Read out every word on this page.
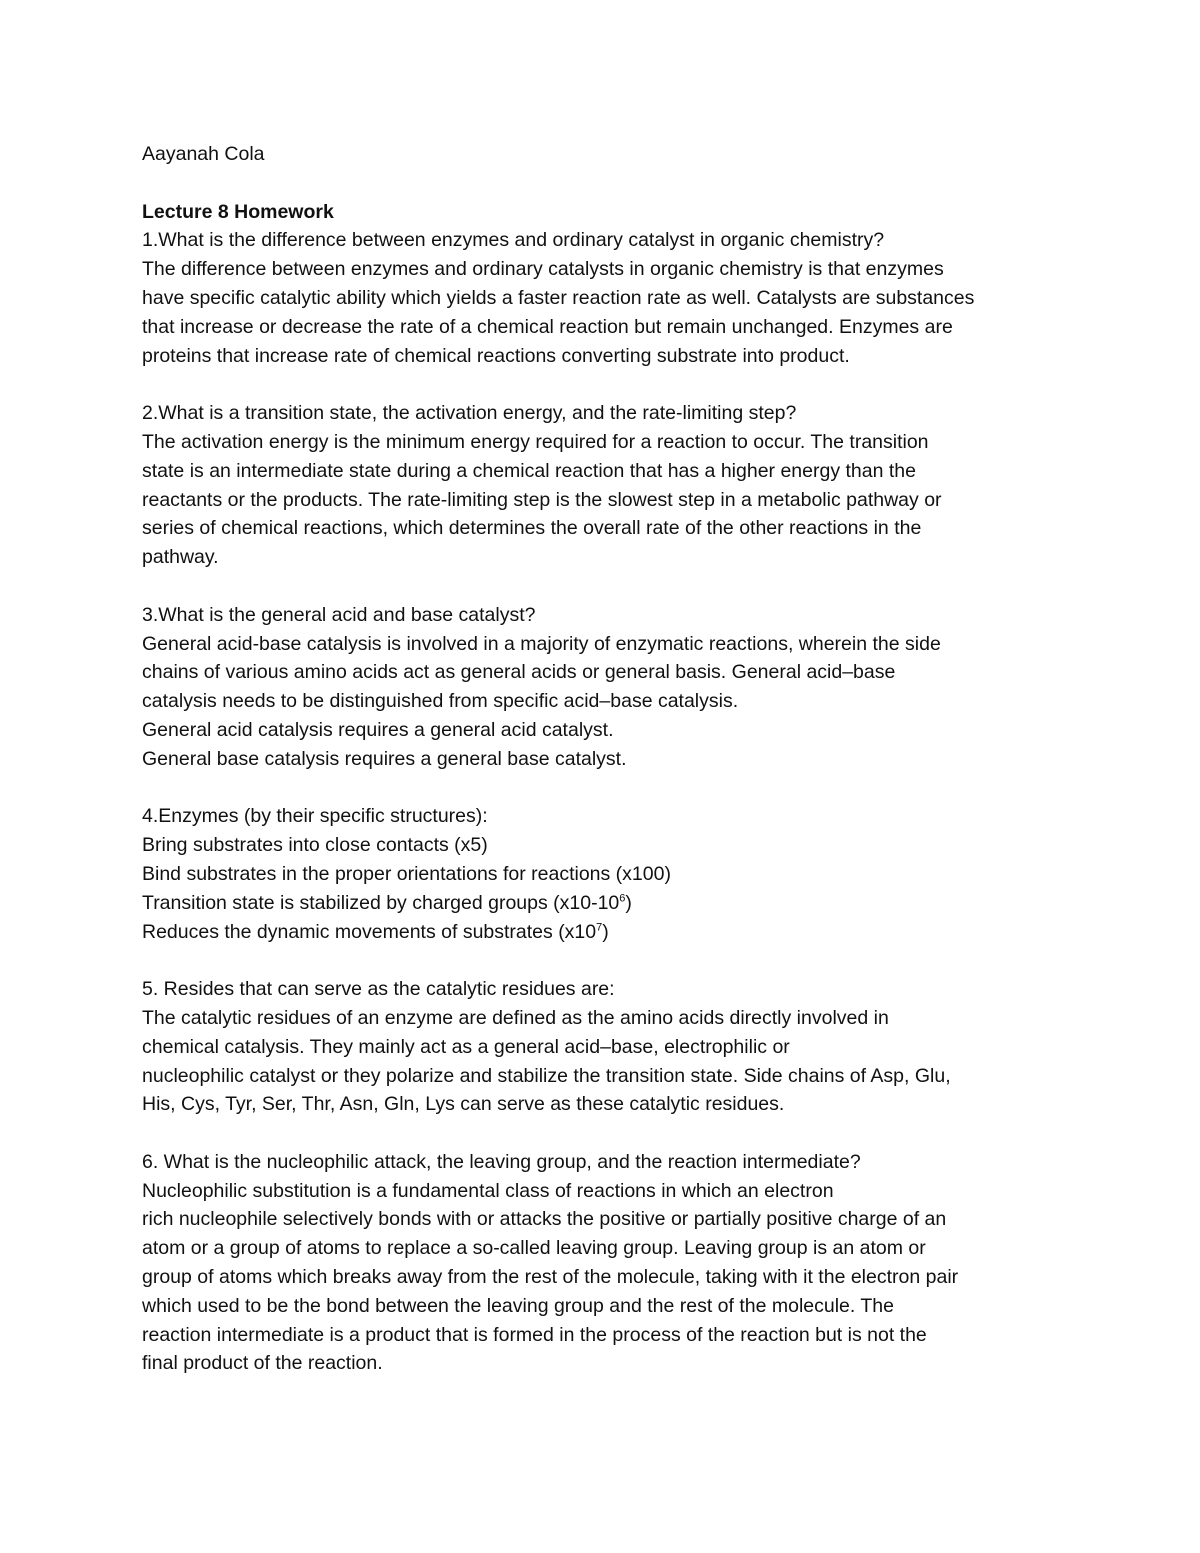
Aayanah Cola
Lecture 8 Homework
1.What is the difference between enzymes and ordinary catalyst in organic chemistry?
The difference between enzymes and ordinary catalysts in organic chemistry is that enzymes
have specific catalytic ability which yields a faster reaction rate as well. Catalysts are substances
that increase or decrease the rate of a chemical reaction but remain unchanged. Enzymes are
proteins that increase rate of chemical reactions converting substrate into product.
2.What is a transition state, the activation energy, and the rate-limiting step?
The activation energy is the minimum energy required for a reaction to occur. The transition
state is an intermediate state during a chemical reaction that has a higher energy than the
reactants or the products. The rate-limiting step is the slowest step in a metabolic pathway or
series of chemical reactions, which determines the overall rate of the other reactions in the
pathway.
3.What is the general acid and base catalyst?
General acid-base catalysis is involved in a majority of enzymatic reactions, wherein the side
chains of various amino acids act as general acids or general basis. General acid–base
catalysis needs to be distinguished from specific acid–base catalysis.
General acid catalysis requires a general acid catalyst.
General base catalysis requires a general base catalyst.
4.Enzymes (by their specific structures):
Bring substrates into close contacts (x5)
Bind substrates in the proper orientations for reactions (x100)
Transition state is stabilized by charged groups $(x10-10^6)$
Reduces the dynamic movements of substrates $(x10^7)$
5. Resides that can serve as the catalytic residues are:
The catalytic residues of an enzyme are defined as the amino acids directly involved in
chemical catalysis. They mainly act as a general acid–base, electrophilic or
nucleophilic catalyst or they polarize and stabilize the transition state. Side chains of Asp, Glu,
His, Cys, Tyr, Ser, Thr, Asn, Gln, Lys can serve as these catalytic residues.
6. What is the nucleophilic attack, the leaving group, and the reaction intermediate?
Nucleophilic substitution is a fundamental class of reactions in which an electron
rich nucleophile selectively bonds with or attacks the positive or partially positive charge of an
atom or a group of atoms to replace a so-called leaving group. Leaving group is an atom or
group of atoms which breaks away from the rest of the molecule, taking with it the electron pair
which used to be the bond between the leaving group and the rest of the molecule. The
reaction intermediate is a product that is formed in the process of the reaction but is not the
final product of the reaction.
